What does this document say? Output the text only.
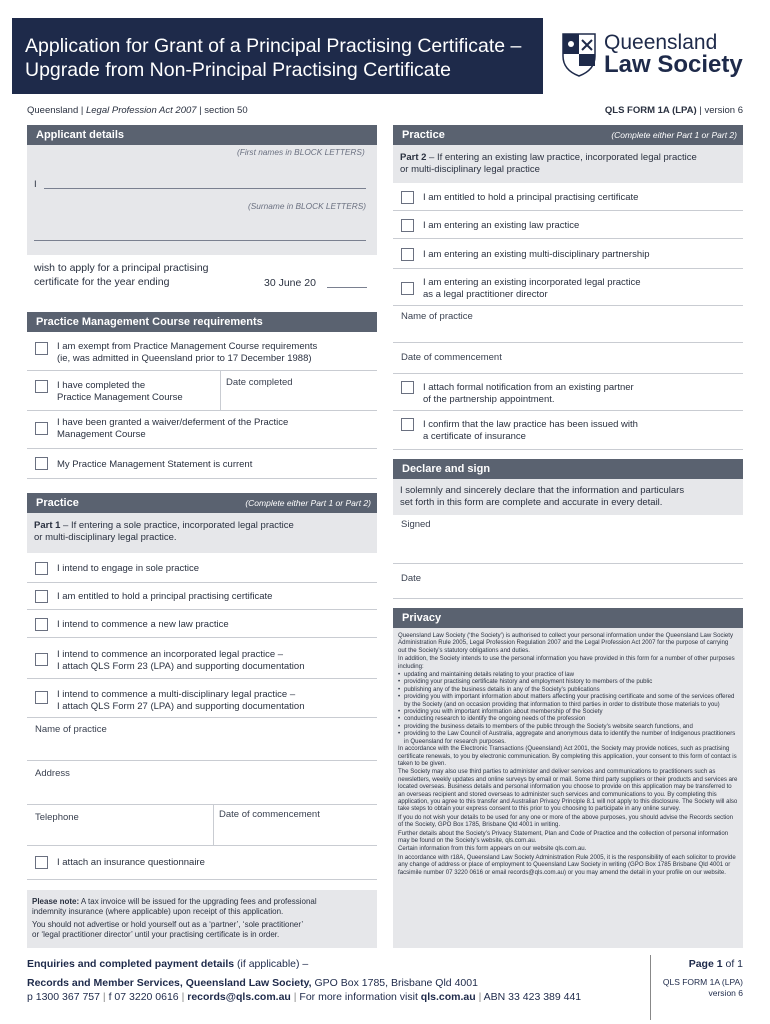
Application for Grant of a Principal Practising Certificate –
Upgrade from Non-Principal Practising Certificate
Queensland
Law Society
Queensland | Legal Profession Act 2007 | section 50	QLS FORM 1A (LPA) | version 6
Applicant details
(First names in BLOCK LETTERS)
I
(Surname in BLOCK LETTERS)
wish to apply for a principal practising
certificate for the year ending	30 June 20
Practice Management Course requirements
I am exempt from Practice Management Course requirements
(ie, was admitted in Queensland prior to 17 December 1988)
I have completed the
Practice Management Course
Date completed
I have been granted a waiver/deferment of the Practice
Management Course
My Practice Management Statement is current
Practice	(Complete either Part 1 or Part 2)
Part 1 – If entering a sole practice, incorporated legal practice
or multi-disciplinary legal practice.
I intend to engage in sole practice
I am entitled to hold a principal practising certificate
I intend to commence a new law practice
I intend to commence an incorporated legal practice –
I attach QLS Form 23 (LPA) and supporting documentation
I intend to commence a multi-disciplinary legal practice –
I attach QLS Form 27 (LPA) and supporting documentation
Name of practice
Address
Telephone	Date of commencement
I attach an insurance questionnaire
Please note: A tax invoice will be issued for the upgrading fees and professional
indemnity insurance (where applicable) upon receipt of this application.
You should not advertise or hold yourself out as a ‘partner’, ‘sole practitioner’
or ‘legal practitioner director’ until your practising certificate is in order.
Practice	(Complete either Part 1 or Part 2)
Part 2 – If entering an existing law practice, incorporated legal practice
or multi-disciplinary legal practice
I am entitled to hold a principal practising certificate
I am entering an existing law practice
I am entering an existing multi-disciplinary partnership
I am entering an existing incorporated legal practice
as a legal practitioner director
Name of practice
Date of commencement
I attach formal notification from an existing partner
of the partnership appointment.
I confirm that the law practice has been issued with
a certificate of insurance
Declare and sign
I solemnly and sincerely declare that the information and particulars
set forth in this form are complete and accurate in every detail.
Signed
Date
Privacy

Queensland Law Society (‘the Society’) is authorised to collect your personal information under the Queensland Law Society Administration Rule 2005, Legal Profession Regulation 2007 and the Legal Profession Act 2007 for the purpose of carrying out the Society’s statutory obligations and duties.

In addition, the Society intends to use the personal information you have provided in this form for a number of other purposes including:

• updating and maintaining details relating to your practice of law
• providing your practising certificate history and employment history to members of the public
• publishing any of the business details in any of the Society’s publications
• providing you with important information about matters affecting your practising certificate and some of the services offered by the Society (and on occasion providing that information to third parties in order to distribute those materials to you)
• providing you with important information about membership of the Society
• conducting research to identify the ongoing needs of the profession
• providing the business details to members of the public through the Society’s website search functions, and
• providing to the Law Council of Australia, aggregate and anonymous data to identify the number of Indigenous practitioners in Queensland for research purposes.

In accordance with the Electronic Transactions (Queensland) Act 2001, the Society may provide notices, such as practising certificate renewals, to you by electronic communication. By completing this application, your consent to this form of contact is taken to be given.

The Society may also use third parties to administer and deliver services and communications to practitioners such as newsletters, weekly updates and online surveys by email or mail. Some third party suppliers or their products and services are located overseas. Business details and personal information you choose to provide on this application may be transferred to an overseas recipient and stored overseas to administer such services and communications to you. By completing this application, you agree to this transfer and Australian Privacy Principle 8.1 will not apply to this disclosure. The Society will also take steps to obtain your express consent to this prior to you choosing to participate in any online survey.

If you do not wish your details to be used for any one or more of the above purposes, you should advise the Records section of the Society, GPO Box 1785, Brisbane Qld 4001 in writing.

Further details about the Society’s Privacy Statement, Plan and Code of Practice and the collection of personal information may be found on the Society’s website, qls.com.au.

Certain information from this form appears on our website qls.com.au.

In accordance with r18A, Queensland Law Society Administration Rule 2005, it is the responsibility of each solicitor to provide any change of address or place of employment to Queensland Law Society in writing (GPO Box 1785 Brisbane Qld 4001 or facsimile number 07 3220 0616 or email records@qls.com.au) or you may amend the detail in your profile on our website.

Enquiries and completed payment details (if applicable) –
Records and Member Services, Queensland Law Society, GPO Box 1785, Brisbane Qld 4001
p 1300 367 757 | f 07 3220 0616 | records@qls.com.au | For more information visit qls.com.au | ABN 33 423 389 441
Page 1 of 1
QLS FORM 1A (LPA)
version 6
